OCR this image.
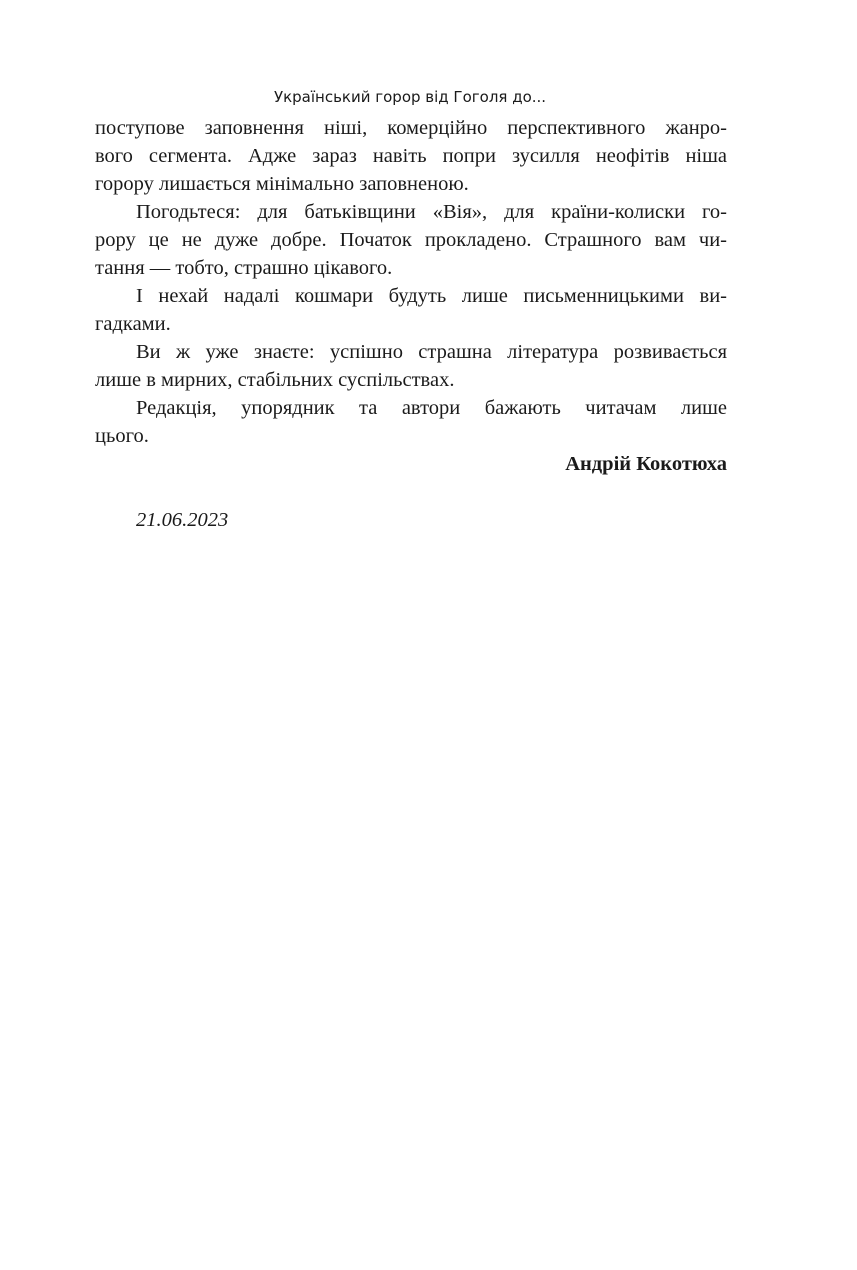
Український горор від Гоголя до...

поступове заповнення ніші, комерційно перспективного жанро-
вого сегмента. Адже зараз навіть попри зусилля неофітів ніша
горору лишається мінімально заповненою.

Погодьтеся: для батьківщини «Вія», для країни-колиски го-
рору це не дуже добре. Початок прокладено. Страшного вам чи-
тання — тобто, страшно цікавого.

І нехай надалі кошмари будуть лише письменницькими ви-
гадками.

Ви ж уже знаєте: успішно страшна література розвивається
лише в мирних, стабільних суспільствах.

Редакція, упорядник та автори бажають читачам лише
цього.

Андрій Кокотюха

21.06.2023
